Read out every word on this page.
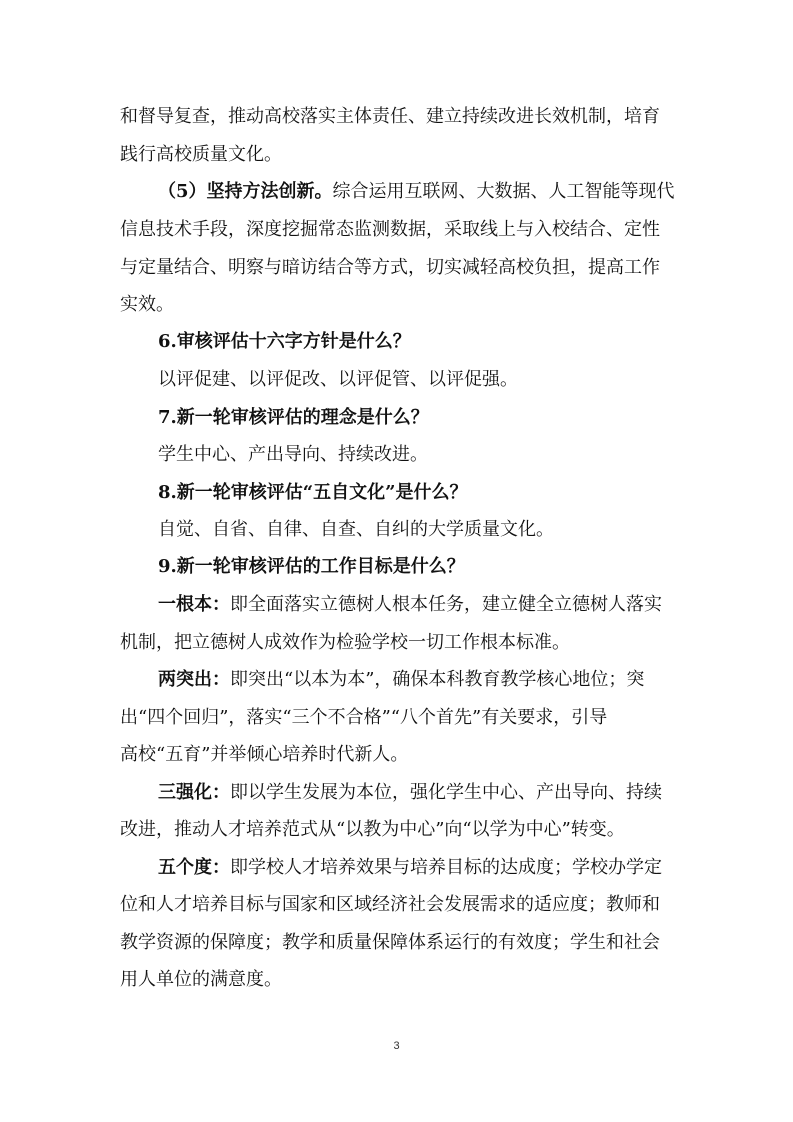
和督导复查，推动高校落实主体责任、建立持续改进长效机制，培育
践行高校质量文化。
（5）坚持方法创新。综合运用互联网、大数据、人工智能等现代
信息技术手段，深度挖掘常态监测数据，采取线上与入校结合、定性
与定量结合、明察与暗访结合等方式，切实减轻高校负担，提高工作
实效。
6.审核评估十六字方针是什么？
以评促建、以评促改、以评促管、以评促强。
7.新一轮审核评估的理念是什么？
学生中心、产出导向、持续改进。
8.新一轮审核评估“五自文化”是什么？
自觉、自省、自律、自查、自纠的大学质量文化。
9.新一轮审核评估的工作目标是什么？
一根本：即全面落实立德树人根本任务，建立健全立德树人落实
机制，把立德树人成效作为检验学校一切工作根本标准。
两突出：即突出“以本为本”，确保本科教育教学核心地位；突
出“四个回归”，落实“三个不合格”“八个首先”有关要求，引导
高校“五育”并举倾心培养时代新人。
三强化：即以学生发展为本位，强化学生中心、产出导向、持续
改进，推动人才培养范式从“以教为中心”向“以学为中心”转变。
五个度：即学校人才培养效果与培养目标的达成度；学校办学定
位和人才培养目标与国家和区域经济社会发展需求的适应度；教师和
教学资源的保障度；教学和质量保障体系运行的有效度；学生和社会
用人单位的满意度。
3
